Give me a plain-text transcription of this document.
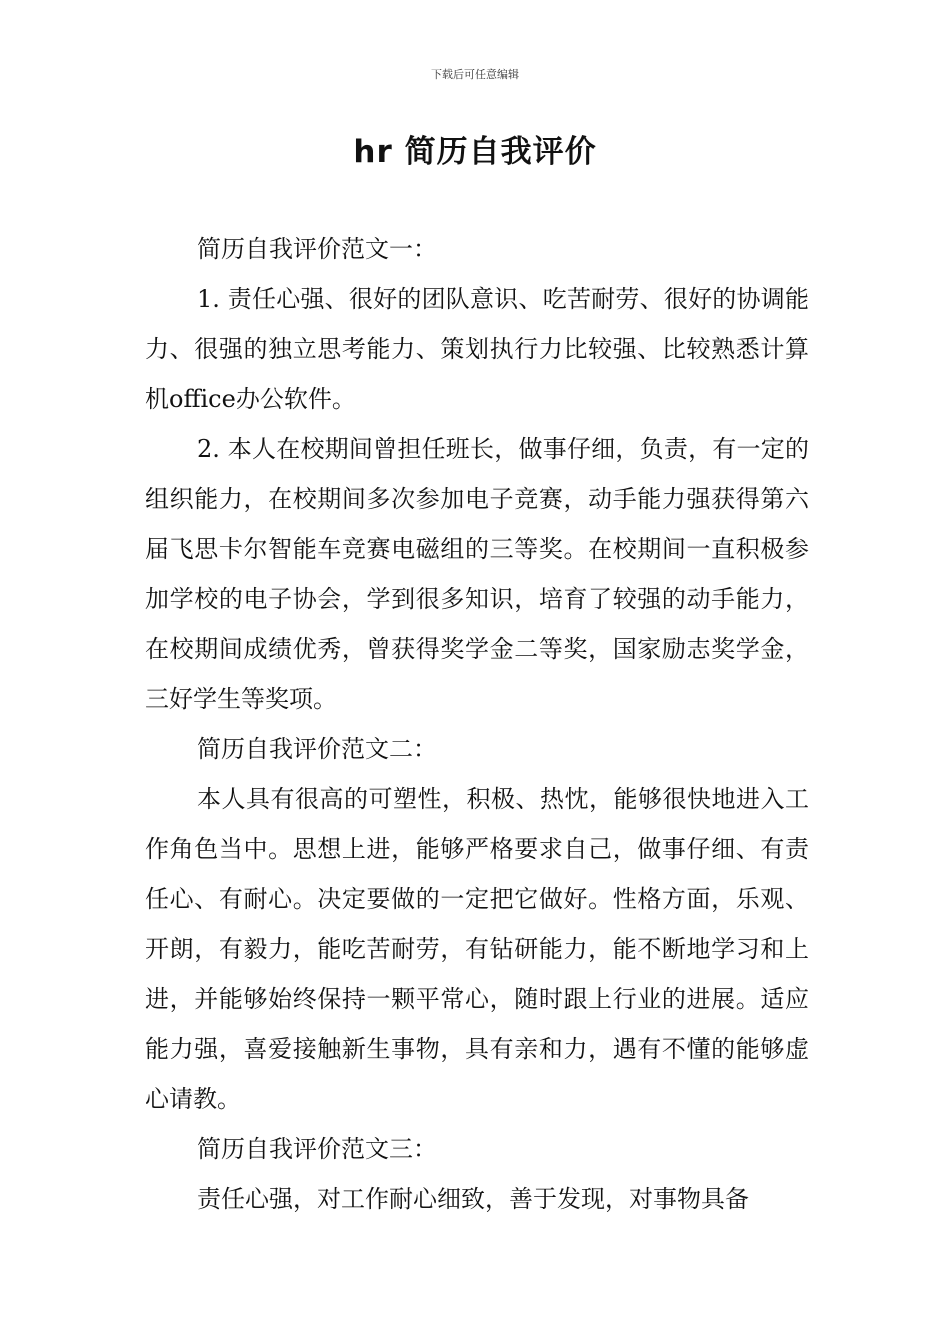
下载后可任意编辑
hr 简历自我评价

简历自我评价范文一：

1. 责任心强、很好的团队意识、吃苦耐劳、很好的协调能力、很强的独立思考能力、策划执行力比较强、比较熟悉计算机office办公软件。

2. 本人在校期间曾担任班长，做事仔细，负责，有一定的组织能力，在校期间多次参加电子竞赛，动手能力强获得第六届飞思卡尔智能车竞赛电磁组的三等奖。在校期间一直积极参加学校的电子协会，学到很多知识，培育了较强的动手能力，在校期间成绩优秀，曾获得奖学金二等奖，国家励志奖学金，三好学生等奖项。

简历自我评价范文二：

本人具有很高的可塑性，积极、热忱，能够很快地进入工作角色当中。思想上进，能够严格要求自己，做事仔细、有责任心、有耐心。决定要做的一定把它做好。性格方面，乐观、开朗，有毅力，能吃苦耐劳，有钻研能力，能不断地学习和上进，并能够始终保持一颗平常心，随时跟上行业的进展。适应能力强，喜爱接触新生事物，具有亲和力，遇有不懂的能够虚心请教。

简历自我评价范文三：

责任心强，对工作耐心细致，善于发现，对事物具备
